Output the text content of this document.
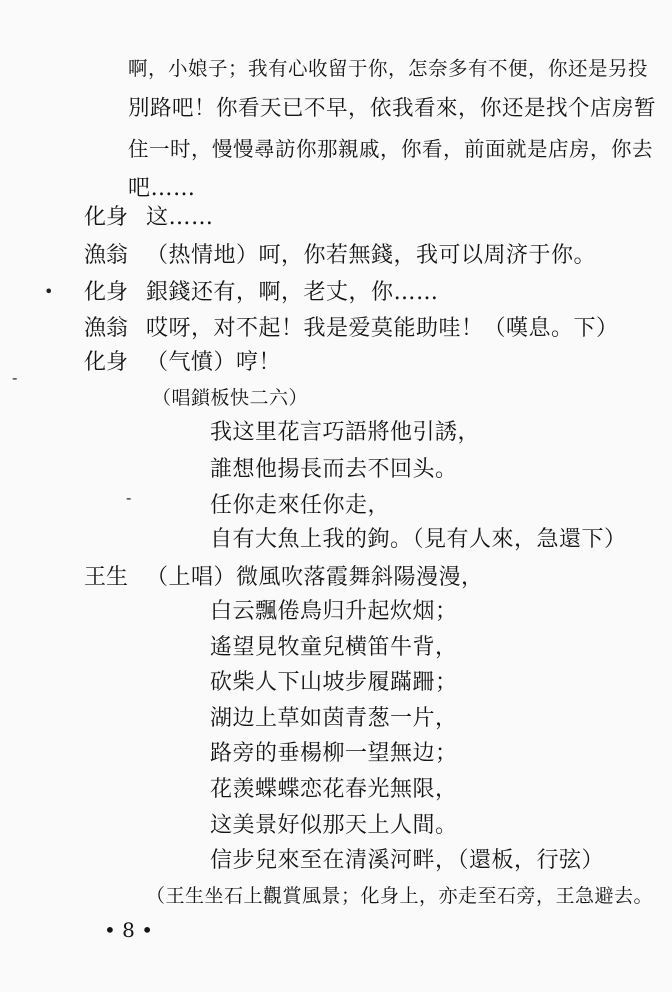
啊，小娘子；我有心收留于你，怎奈多有不便，你还是另投
別路吧！你看天已不早，依我看來，你还是找个店房暂
住一时，慢慢尋訪你那親戚，你看，前面就是店房，你去
吧……
化身 这……
漁翁 （热情地）呵，你若無錢，我可以周济于你。
化身 銀錢还有，啊，老丈，你……
漁翁 哎呀，对不起！我是爱莫能助哇！（嘆息。下）
化身 （气憤）哼！
（唱鎖板快二六）
我这里花言巧語將他引誘，
誰想他揚長而去不回头。
任你走來任你走，
自有大魚上我的鉤。（見有人來，急還下）
王生 （上唱）微風吹落霞舞斜陽漫漫，
白云飄倦鳥归升起炊烟；
遙望見牧童兒横笛牛背，
砍柴人下山坡步履蹣跚；
湖边上草如茵青葱一片，
路旁的垂楊柳一望無边；
花羡蝶蝶恋花春光無限，
这美景好似那天上人間。
信步兒來至在清溪河畔，（還板，行弦）
（王生坐石上觀賞風景；化身上，亦走至石旁，王急避去。
• 8 •
•
-
-
